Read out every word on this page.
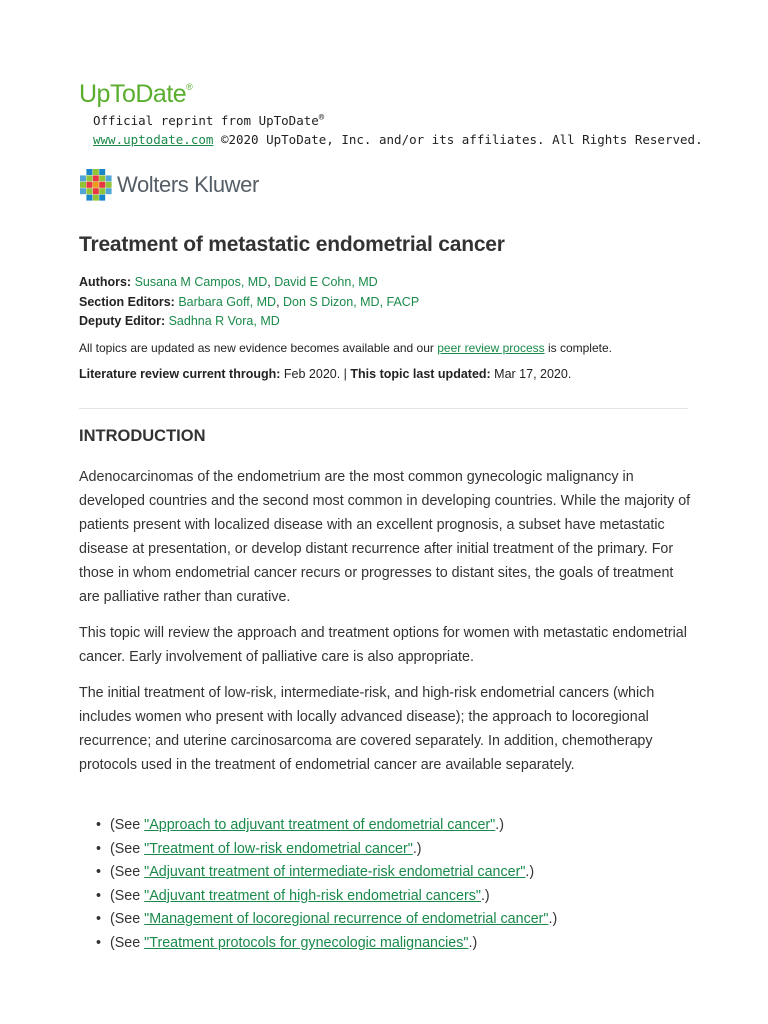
UpToDate®
Official reprint from UpToDate®
www.uptodate.com ©2020 UpToDate, Inc. and/or its affiliates. All Rights Reserved.
Wolters Kluwer
Treatment of metastatic endometrial cancer
Authors: Susana M Campos, MD, David E Cohn, MD
Section Editors: Barbara Goff, MD, Don S Dizon, MD, FACP
Deputy Editor: Sadhna R Vora, MD
All topics are updated as new evidence becomes available and our peer review process is complete.
Literature review current through: Feb 2020. | This topic last updated: Mar 17, 2020.
INTRODUCTION

Adenocarcinomas of the endometrium are the most common gynecologic malignancy in developed countries and the second most common in developing countries. While the majority of patients present with localized disease with an excellent prognosis, a subset have metastatic disease at presentation, or develop distant recurrence after initial treatment of the primary. For those in whom endometrial cancer recurs or progresses to distant sites, the goals of treatment are palliative rather than curative.

This topic will review the approach and treatment options for women with metastatic endometrial cancer. Early involvement of palliative care is also appropriate.

The initial treatment of low-risk, intermediate-risk, and high-risk endometrial cancers (which includes women who present with locally advanced disease); the approach to locoregional recurrence; and uterine carcinosarcoma are covered separately. In addition, chemotherapy protocols used in the treatment of endometrial cancer are available separately.

• (See "Approach to adjuvant treatment of endometrial cancer".)
• (See "Treatment of low-risk endometrial cancer".)
• (See "Adjuvant treatment of intermediate-risk endometrial cancer".)
• (See "Adjuvant treatment of high-risk endometrial cancers".)
• (See "Management of locoregional recurrence of endometrial cancer".)
• (See "Treatment protocols for gynecologic malignancies".)
